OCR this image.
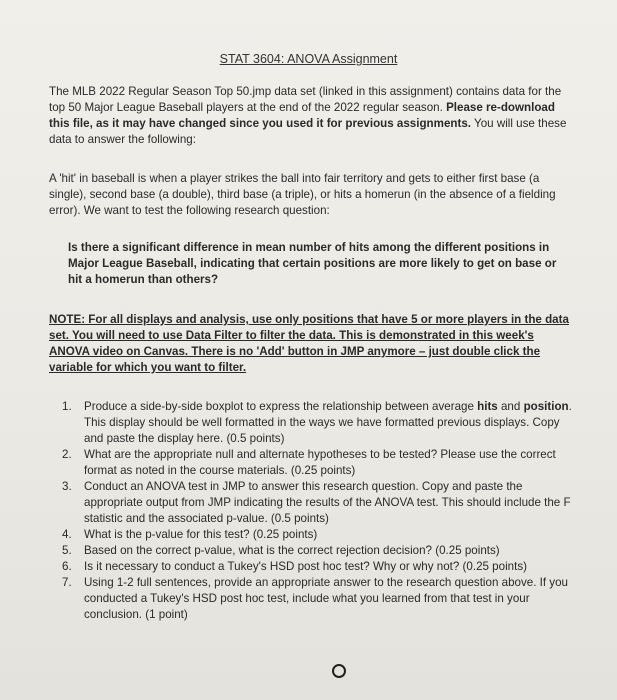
STAT 3604: ANOVA Assignment
The MLB 2022 Regular Season Top 50.jmp data set (linked in this assignment) contains data for the top 50 Major League Baseball players at the end of the 2022 regular season. Please re-download this file, as it may have changed since you used it for previous assignments. You will use these data to answer the following:
A 'hit' in baseball is when a player strikes the ball into fair territory and gets to either first base (a single), second base (a double), third base (a triple), or hits a homerun (in the absence of a fielding error). We want to test the following research question:
Is there a significant difference in mean number of hits among the different positions in Major League Baseball, indicating that certain positions are more likely to get on base or hit a homerun than others?
NOTE: For all displays and analysis, use only positions that have 5 or more players in the data set. You will need to use Data Filter to filter the data. This is demonstrated in this week's ANOVA video on Canvas. There is no 'Add' button in JMP anymore – just double click the variable for which you want to filter.
1.	Produce a side-by-side boxplot to express the relationship between average hits and position. This display should be well formatted in the ways we have formatted previous displays. Copy and paste the display here. (0.5 points)
2.	What are the appropriate null and alternate hypotheses to be tested? Please use the correct format as noted in the course materials. (0.25 points)
3.	Conduct an ANOVA test in JMP to answer this research question. Copy and paste the appropriate output from JMP indicating the results of the ANOVA test. This should include the F statistic and the associated p-value. (0.5 points)
4.	What is the p-value for this test? (0.25 points)
5.	Based on the correct p-value, what is the correct rejection decision? (0.25 points)
6.	Is it necessary to conduct a Tukey's HSD post hoc test? Why or why not? (0.25 points)
7.	Using 1-2 full sentences, provide an appropriate answer to the research question above. If you conducted a Tukey's HSD post hoc test, include what you learned from that test in your conclusion. (1 point)
